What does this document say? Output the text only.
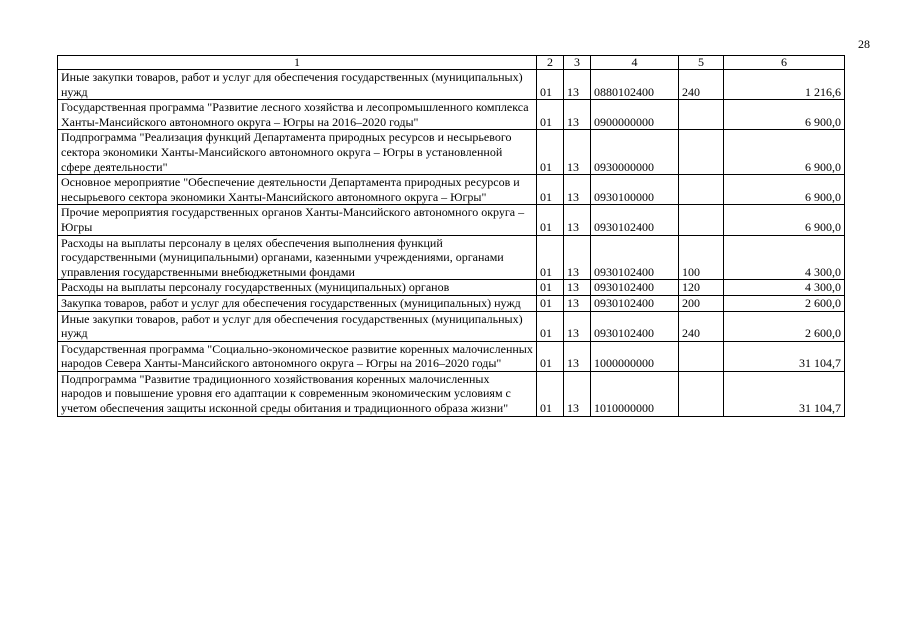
28
1	2	3	4	5	6
Иные закупки товаров, работ и услуг для обеспечения государственных (муниципальных) нужд	01	13	0880102400	240	1 216,6
Государственная программа "Развитие лесного хозяйства и лесопромышленного комплекса Ханты-Мансийского автономного округа – Югры на 2016–2020 годы"	01	13	0900000000		6 900,0
Подпрограмма "Реализация функций Департамента природных ресурсов и несырьевого сектора экономики Ханты-Мансийского автономного округа – Югры в установленной сфере деятельности"	01	13	0930000000		6 900,0
Основное мероприятие "Обеспечение деятельности Департамента природных ресурсов и несырьевого сектора экономики Ханты-Мансийского автономного округа – Югры"	01	13	0930100000		6 900,0
Прочие мероприятия государственных органов Ханты-Мансийского автономного округа – Югры	01	13	0930102400		6 900,0
Расходы на выплаты персоналу в целях обеспечения выполнения функций государственными (муниципальными) органами, казенными учреждениями, органами управления государственными внебюджетными фондами	01	13	0930102400	100	4 300,0
Расходы на выплаты персоналу государственных (муниципальных) органов	01	13	0930102400	120	4 300,0
Закупка товаров, работ и услуг для обеспечения государственных (муниципальных) нужд	01	13	0930102400	200	2 600,0
Иные закупки товаров, работ и услуг для обеспечения государственных (муниципальных) нужд	01	13	0930102400	240	2 600,0
Государственная программа "Социально-экономическое развитие коренных малочисленных народов Севера Ханты-Мансийского автономного округа – Югры на 2016–2020 годы"	01	13	1000000000		31 104,7
Подпрограмма "Развитие традиционного хозяйствования коренных малочисленных народов и повышение уровня его адаптации к современным экономическим условиям с учетом обеспечения защиты исконной среды обитания и традиционного образа жизни"	01	13	1010000000		31 104,7
